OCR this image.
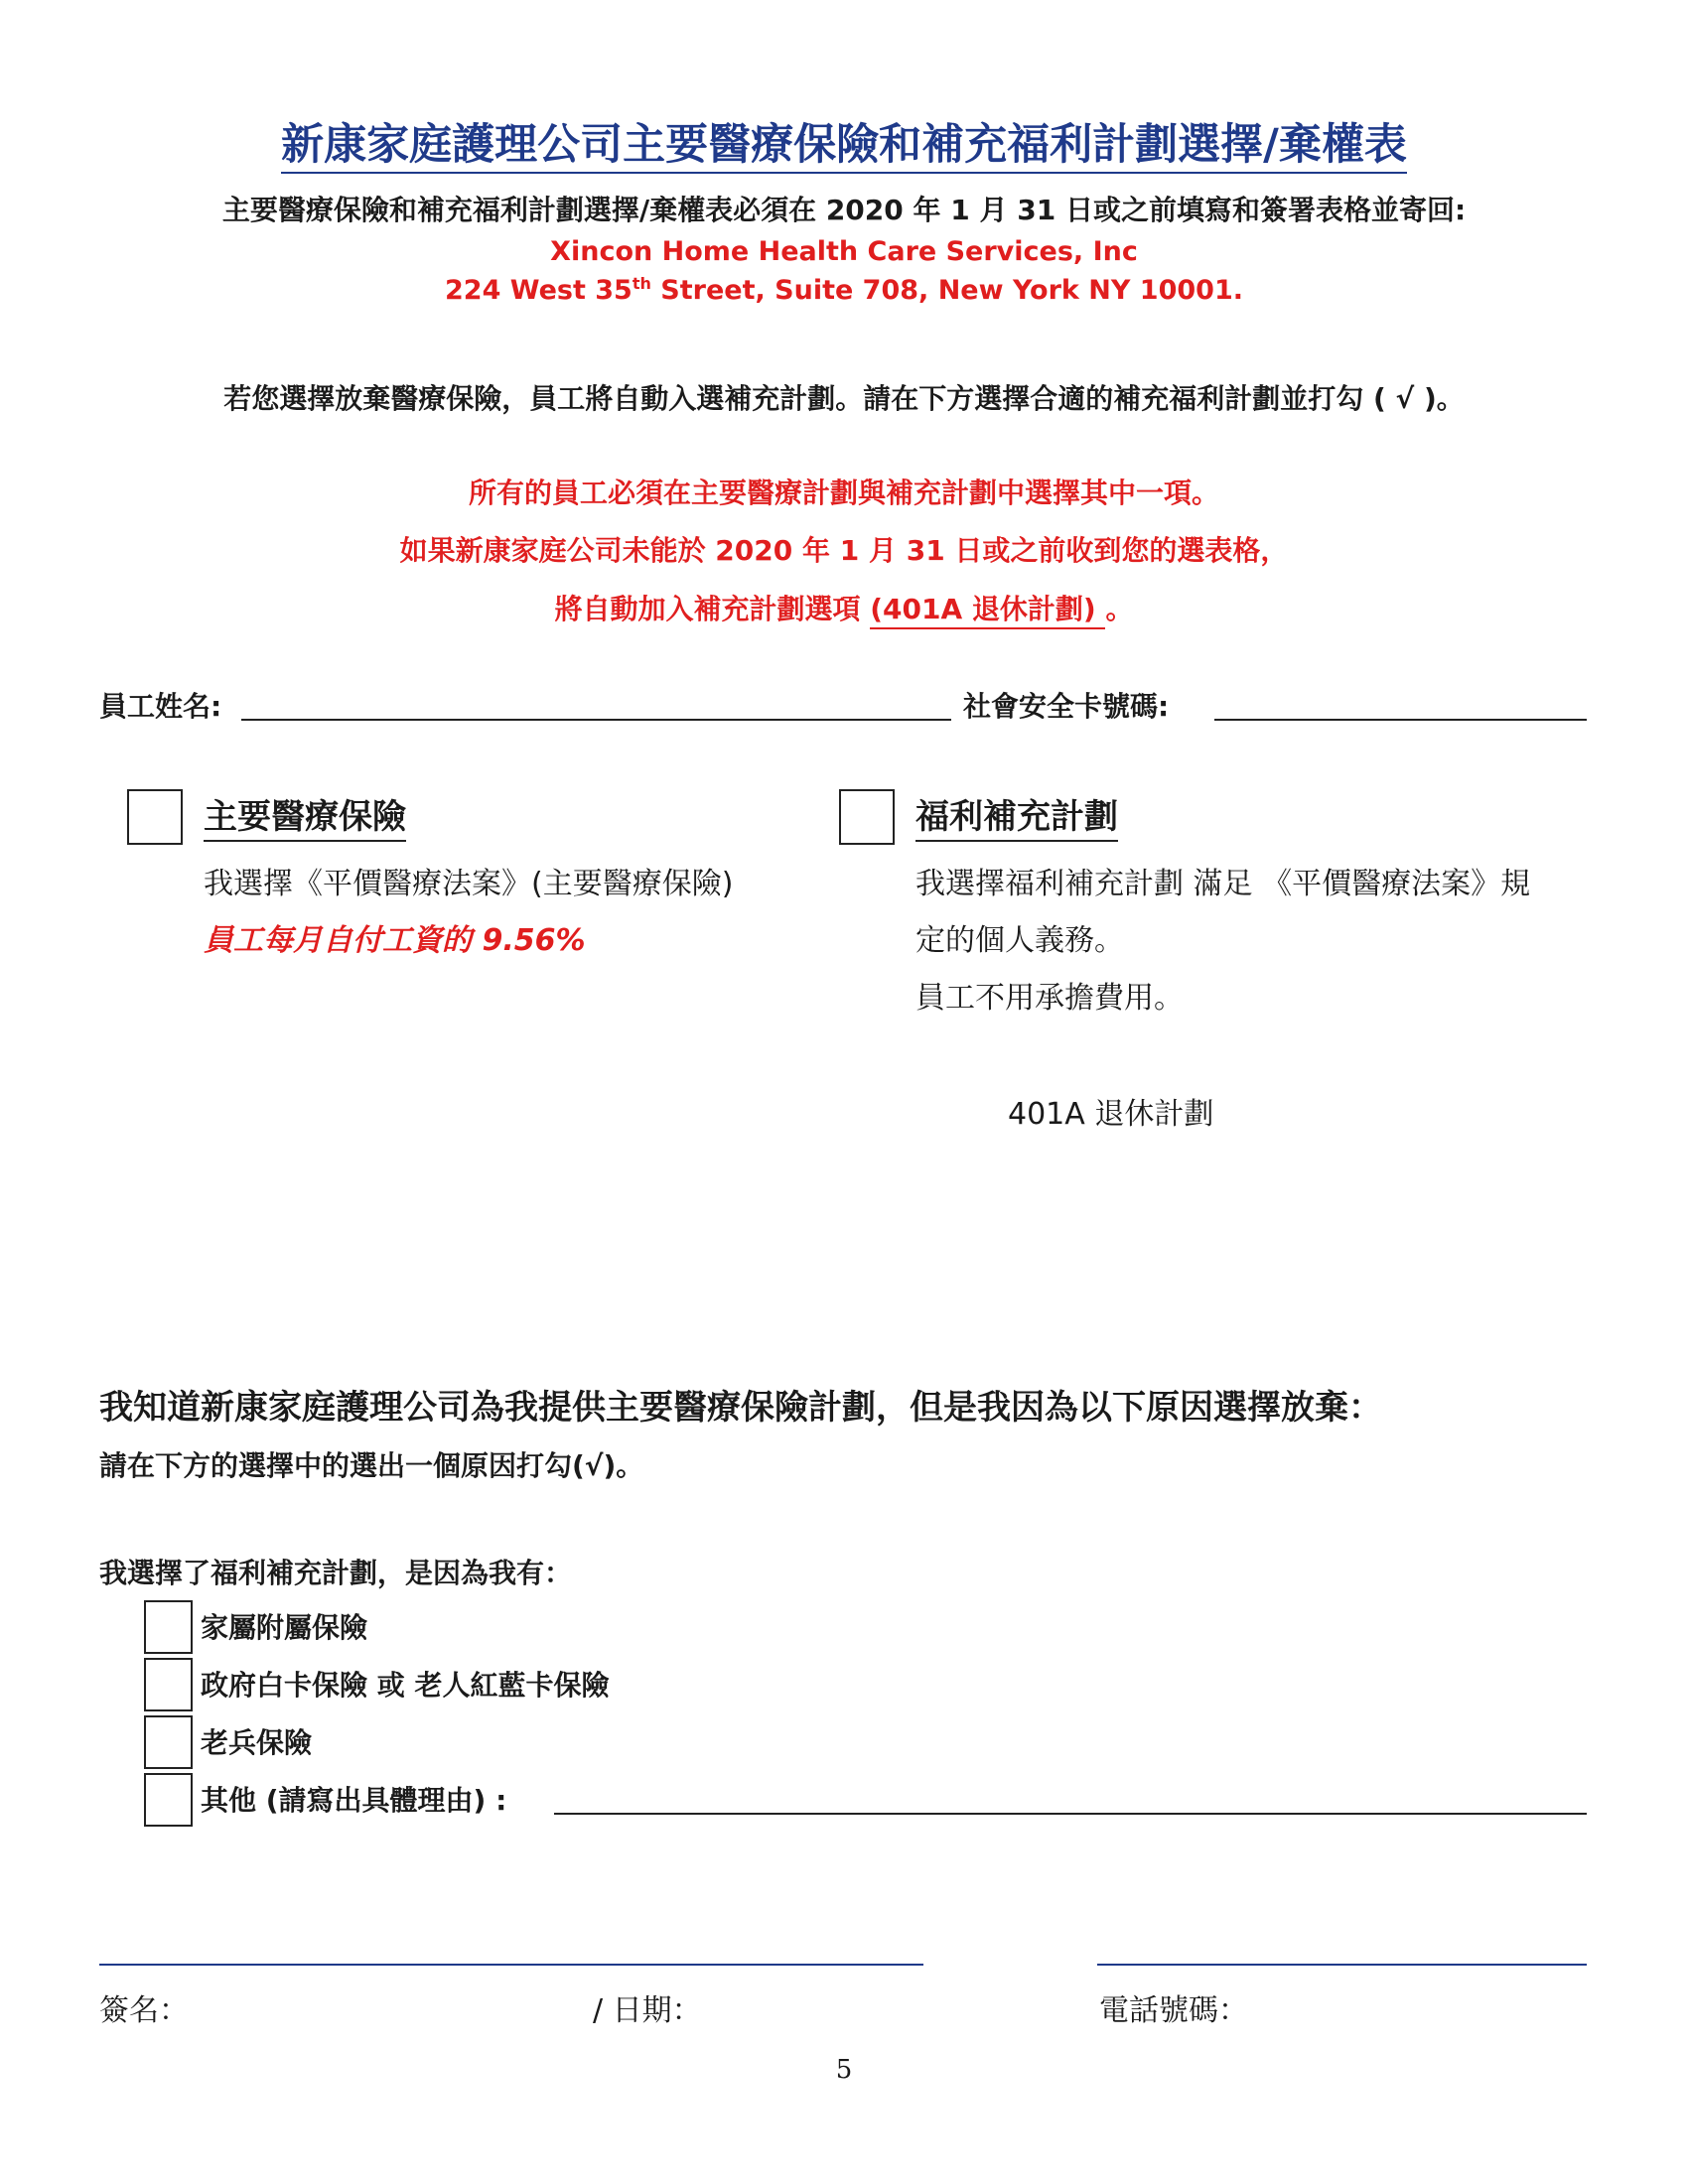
新康家庭護理公司主要醫療保險和補充福利計劃選擇/棄權表
主要醫療保險和補充福利計劃選擇/棄權表必須在 2020 年 1 月 31 日或之前填寫和簽署表格並寄回:
Xincon Home Health Care Services, Inc
224 West 35th Street, Suite 708, New York NY 10001.
若您選擇放棄醫療保險，員工將自動入選補充計劃。請在下方選擇合適的補充福利計劃並打勾 ( √ )。
所有的員工必須在主要醫療計劃與補充計劃中選擇其中一項。
如果新康家庭公司未能於 2020 年 1 月 31 日或之前收到您的選表格，
將自動加入補充計劃選項 (401A 退休計劃) 。
員工姓名:	社會安全卡號碼:
主要醫療保險
我選擇《平價醫療法案》(主要醫療保險)
員工每月自付工資的 9.56%
福利補充計劃
我選擇福利補充計劃 滿足 《平價醫療法案》規
定的個人義務。
員工不用承擔費用。
401A 退休計劃
我知道新康家庭護理公司為我提供主要醫療保險計劃，但是我因為以下原因選擇放棄：
請在下方的選擇中的選出一個原因打勾(√)。
我選擇了福利補充計劃，是因為我有：
家屬附屬保險
政府白卡保險 或 老人紅藍卡保險
老兵保險
其他 (請寫出具體理由) :
簽名：	/ 日期：	電話號碼：
5
